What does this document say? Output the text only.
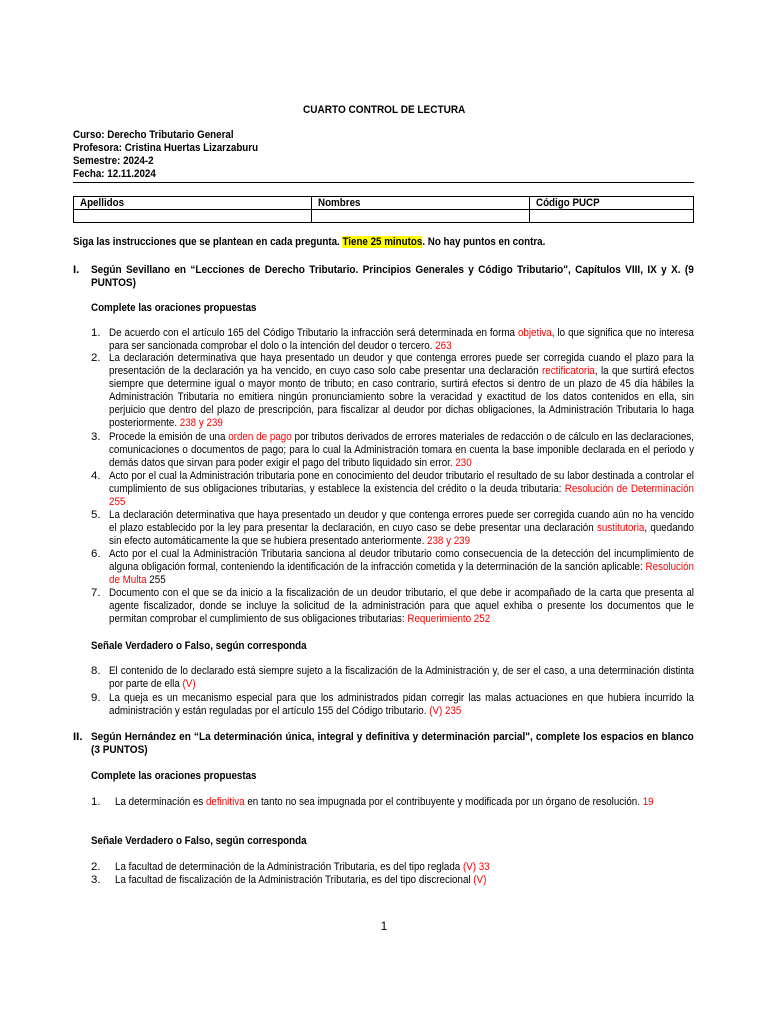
CUARTO CONTROL DE LECTURA
Curso: Derecho Tributario General
Profesora: Cristina Huertas Lizarzaburu
Semestre: 2024-2
Fecha: 12.11.2024
Apellidos	Nombres	Código PUCP

Siga las instrucciones que se plantean en cada pregunta. Tiene 25 minutos. No hay puntos en contra.
I. Según Sevillano en “Lecciones de Derecho Tributario. Principios Generales y Código Tributario", Capítulos VIII, IX y X. (9 PUNTOS)
Complete las oraciones propuestas
1. De acuerdo con el artículo 165 del Código Tributario la infracción será determinada en forma objetiva, lo que significa que no interesa para ser sancionada comprobar el dolo o la intención del deudor o tercero. 263
2. La declaración determinativa que haya presentado un deudor y que contenga errores puede ser corregida cuando el plazo para la presentación de la declaración ya ha vencido, en cuyo caso solo cabe presentar una declaración rectificatoria, la que surtirá efectos siempre que determine igual o mayor monto de tributo; en caso contrario, surtirá efectos si dentro de un plazo de 45 día hábiles la Administración Tributaria no emitiera ningún pronunciamiento sobre la veracidad y exactitud de los datos contenidos en ella, sin perjuicio que dentro del plazo de prescripción, para fiscalizar al deudor por dichas obligaciones, la Administración Tributaria lo haga posteriormente. 238 y 239
3. Procede la emisión de una orden de pago por tributos derivados de errores materiales de redacción o de cálculo en las declaraciones, comunicaciones o documentos de pago; para lo cual la Administración tomara en cuenta la base imponible declarada en el periodo y demás datos que sirvan para poder exigir el pago del tributo liquidado sin error. 230
4. Acto por el cual la Administración tributaria pone en conocimiento del deudor tributario el resultado de su labor destinada a controlar el cumplimiento de sus obligaciones tributarias, y establece la existencia del crédito o la deuda tributaria: Resolución de Determinación 255
5. La declaración determinativa que haya presentado un deudor y que contenga errores puede ser corregida cuando aún no ha vencido el plazo establecido por la ley para presentar la declaración, en cuyo caso se debe presentar una declaración sustitutoria, quedando sin efecto automáticamente la que se hubiera presentado anteriormente. 238 y 239
6. Acto por el cual la Administración Tributaria sanciona al deudor tributario como consecuencia de la detección del incumplimiento de alguna obligación formal, conteniendo la identificación de la infracción cometida y la determinación de la sanción aplicable: Resolución de Multa 255
7. Documento con el que se da inicio a la fiscalización de un deudor tributario, el que debe ir acompañado de la carta que presenta al agente fiscalizador, donde se incluye la solicitud de la administración para que aquel exhiba o presente los documentos que le permitan comprobar el cumplimiento de sus obligaciones tributarias: Requerimiento 252
Señale Verdadero o Falso, según corresponda
8. El contenido de lo declarado está siempre sujeto a la fiscalización de la Administración y, de ser el caso, a una determinación distinta por parte de ella (V)
9. La queja es un mecanismo especial para que los administrados pidan corregir las malas actuaciones en que hubiera incurrido la administración y están reguladas por el artículo 155 del Código tributario. (V) 235
II. Según Hernández en “La determinación única, integral y definitiva y determinación parcial", complete los espacios en blanco (3 PUNTOS)
Complete las oraciones propuestas
1. La determinación es definitiva en tanto no sea impugnada por el contribuyente y modificada por un órgano de resolución. 19
Señale Verdadero o Falso, según corresponda
2. La facultad de determinación de la Administración Tributaria, es del tipo reglada (V) 33
3. La facultad de fiscalización de la Administración Tributaria, es del tipo discrecional (V)
1
